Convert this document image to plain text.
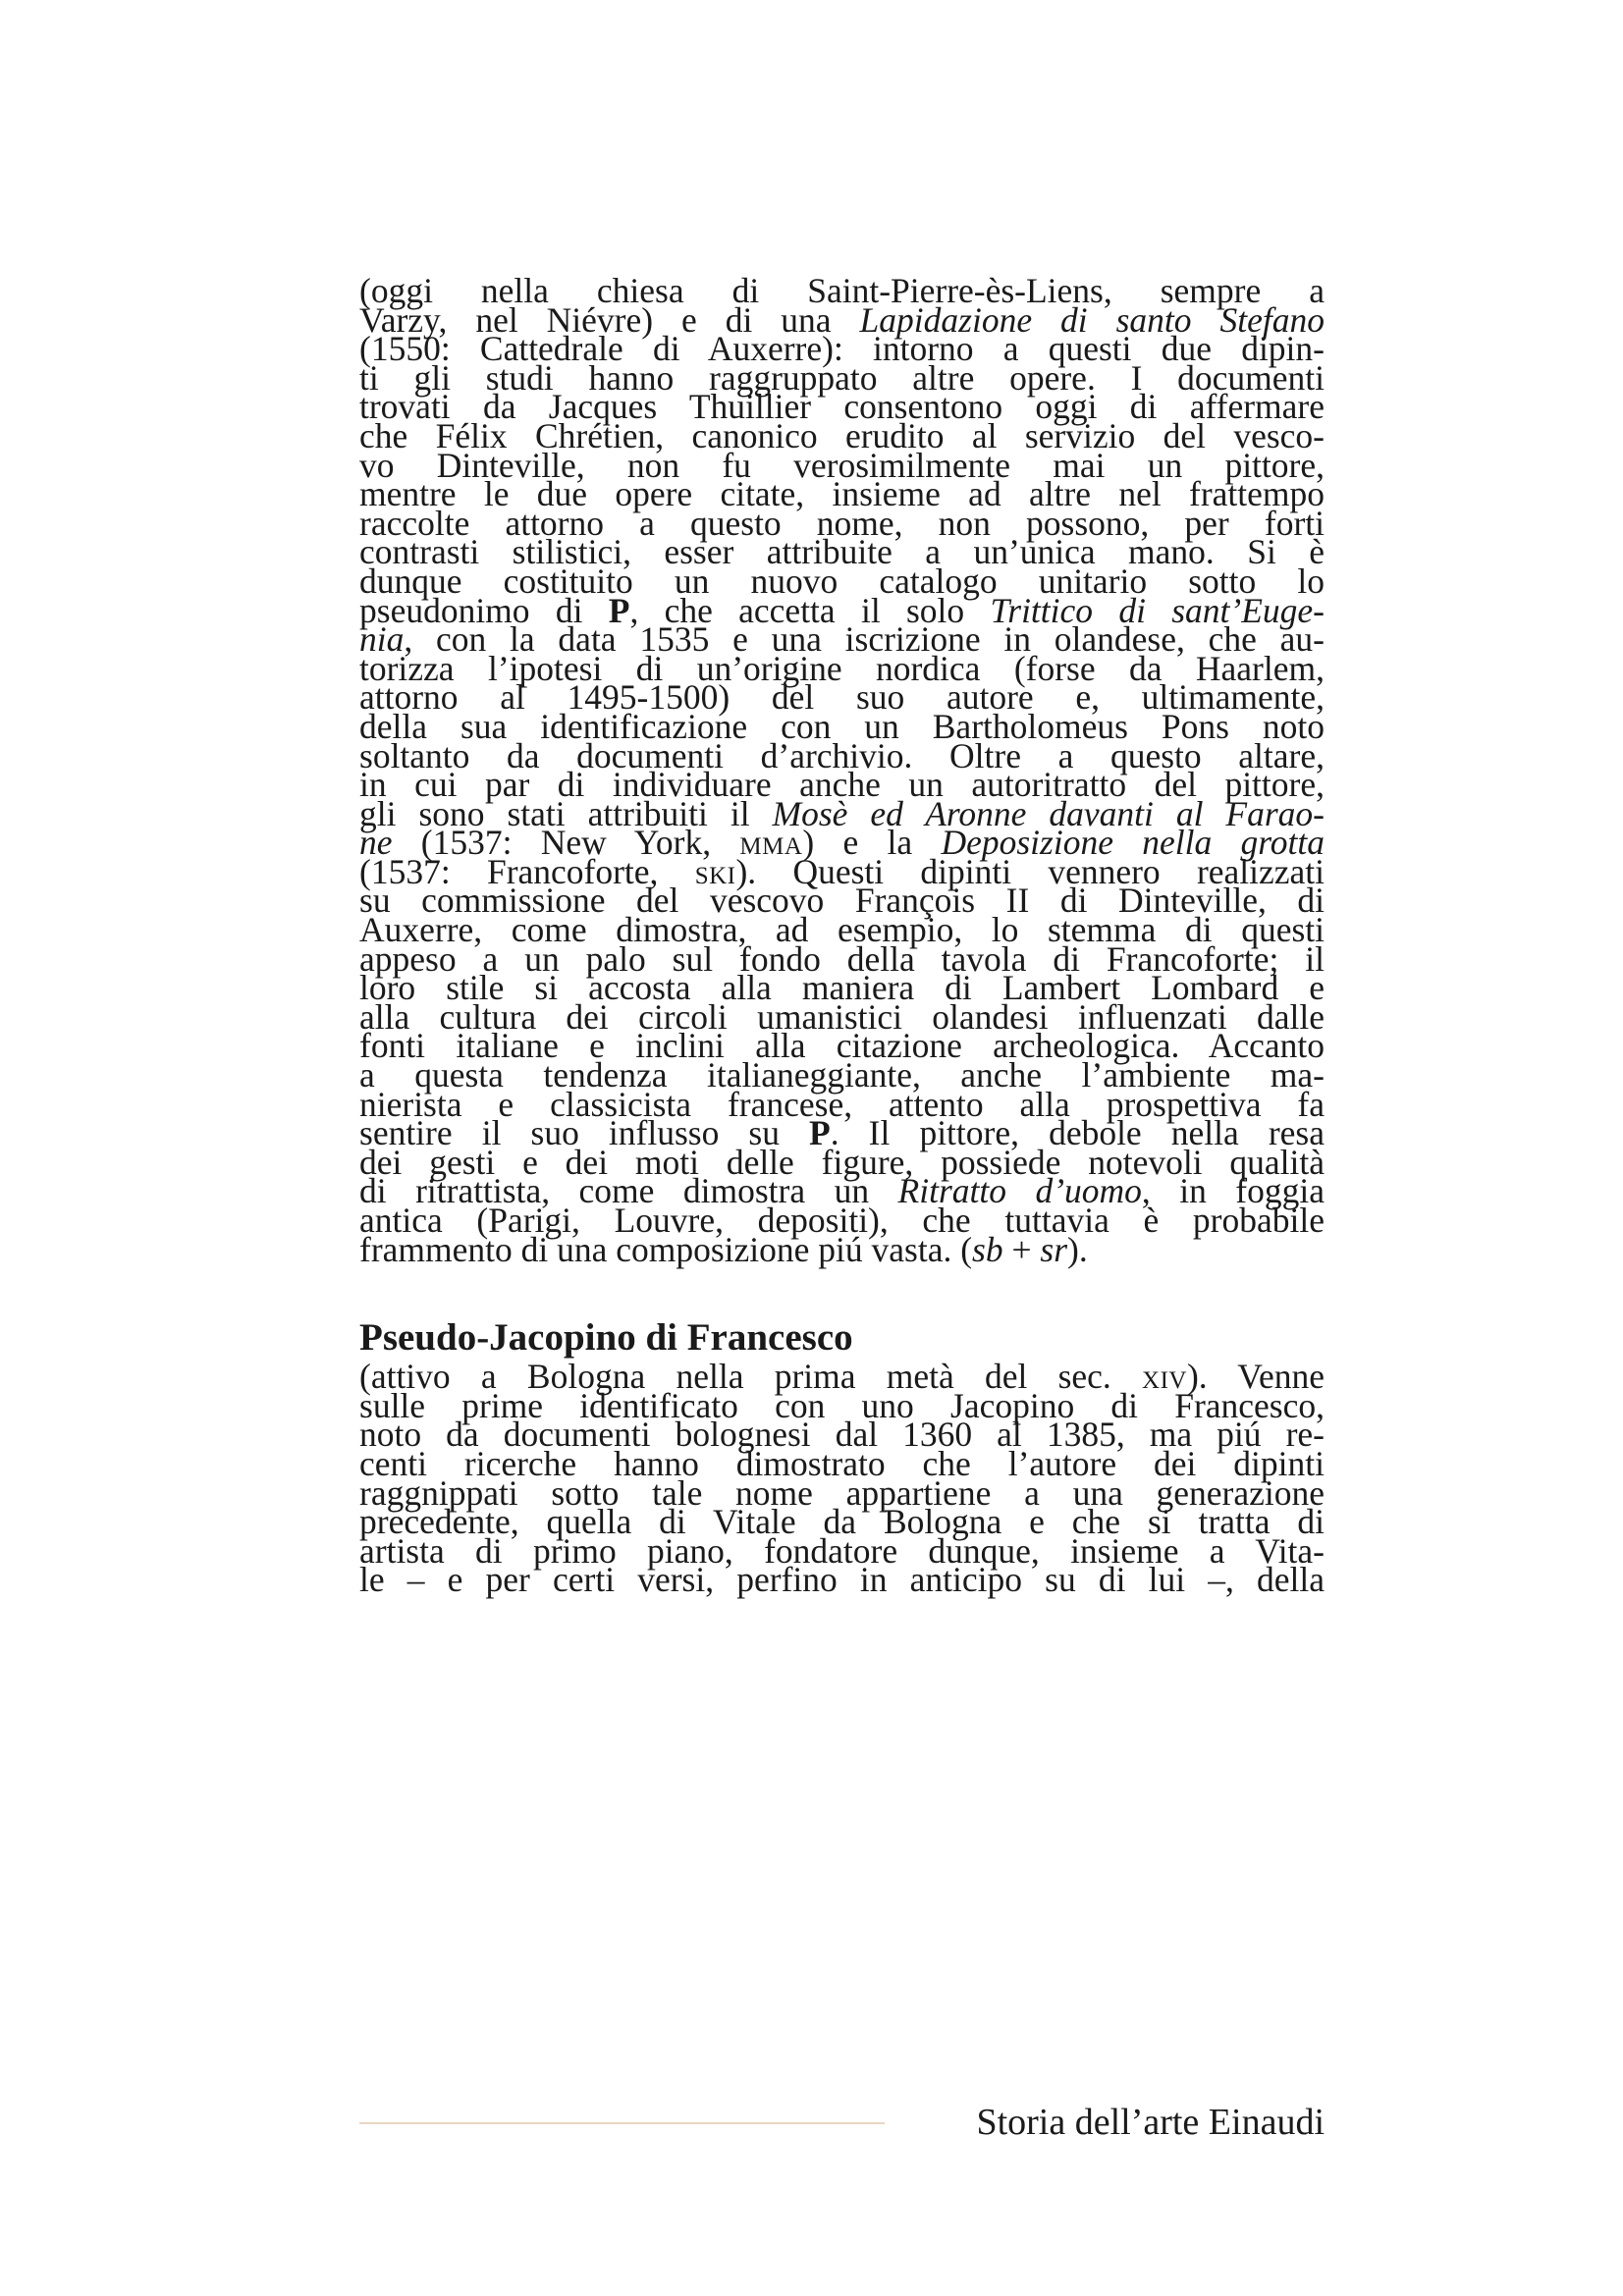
(oggi nella chiesa di Saint-Pierre-ès-Liens, sempre a
Varzy, nel Niévre) e di una Lapidazione di santo Stefano
(1550: Cattedrale di Auxerre): intorno a questi due dipin-
ti gli studi hanno raggruppato altre opere. I documenti
trovati da Jacques Thuillier consentono oggi di affermare
che Félix Chrétien, canonico erudito al servizio del vesco-
vo Dinteville, non fu verosimilmente mai un pittore,
mentre le due opere citate, insieme ad altre nel frattempo
raccolte attorno a questo nome, non possono, per forti
contrasti stilistici, esser attribuite a un’unica mano. Si è
dunque costituito un nuovo catalogo unitario sotto lo
pseudonimo di P, che accetta il solo Trittico di sant’Euge-
nia, con la data 1535 e una iscrizione in olandese, che au-
torizza l’ipotesi di un’origine nordica (forse da Haarlem,
attorno al 1495-1500) del suo autore e, ultimamente,
della sua identificazione con un Bartholomeus Pons noto
soltanto da documenti d’archivio. Oltre a questo altare,
in cui par di individuare anche un autoritratto del pittore,
gli sono stati attribuiti il Mosè ed Aronne davanti al Farao-
ne (1537: New York, mma) e la Deposizione nella grotta
(1537: Francoforte, ski). Questi dipinti vennero realizzati
su commissione del vescovo François II di Dinteville, di
Auxerre, come dimostra, ad esempio, lo stemma di questi
appeso a un palo sul fondo della tavola di Francoforte; il
loro stile si accosta alla maniera di Lambert Lombard e
alla cultura dei circoli umanistici olandesi influenzati dalle
fonti italiane e inclini alla citazione archeologica. Accanto
a questa tendenza italianeggiante, anche l’ambiente ma-
nierista e classicista francese, attento alla prospettiva fa
sentire il suo influsso su P. Il pittore, debole nella resa
dei gesti e dei moti delle figure, possiede notevoli qualità
di ritrattista, come dimostra un Ritratto d’uomo, in foggia
antica (Parigi, Louvre, depositi), che tuttavia è probabile
frammento di una composizione piú vasta. (sb + sr).
Pseudo-Jacopino di Francesco
(attivo a Bologna nella prima metà del sec. xiv). Venne
sulle prime identificato con uno Jacopino di Francesco,
noto da documenti bolognesi dal 1360 al 1385, ma piú re-
centi ricerche hanno dimostrato che l’autore dei dipinti
raggnippati sotto tale nome appartiene a una generazione
precedente, quella di Vitale da Bologna e che si tratta di
artista di primo piano, fondatore dunque, insieme a Vita-
le – e per certi versi, perfino in anticipo su di lui –, della
Storia dell’arte Einaudi
